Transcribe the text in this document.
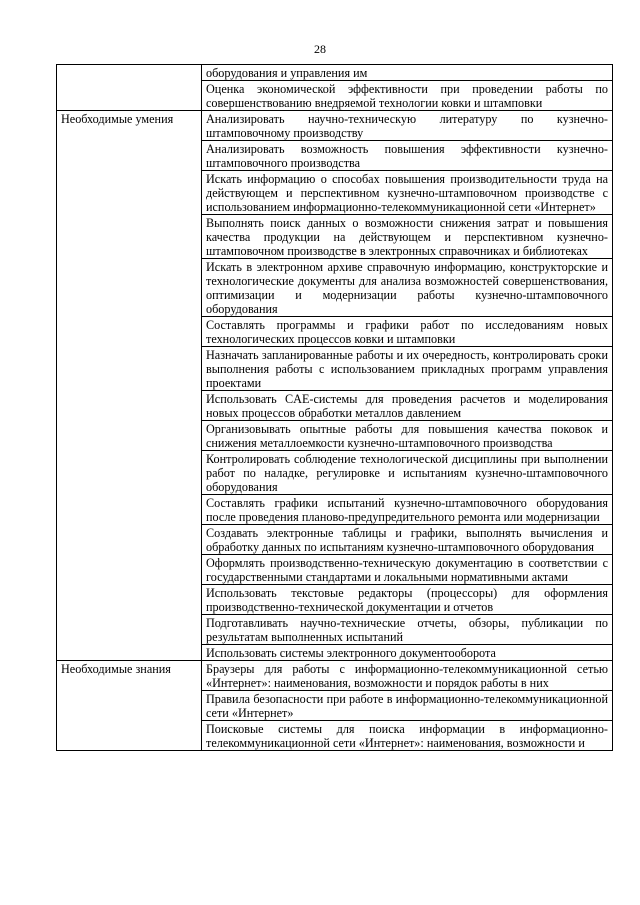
28
	оборудования и управления им
	Оценка экономической эффективности при проведении работы по совершенствованию внедряемой технологии ковки и штамповки
Необходимые умения	Анализировать научно-техническую литературу по кузнечно-штамповочному производству
	Анализировать возможность повышения эффективности кузнечно-штамповочного производства
	Искать информацию о способах повышения производительности труда на действующем и перспективном кузнечно-штамповочном производстве с использованием информационно-телекоммуникационной сети «Интернет»
	Выполнять поиск данных о возможности снижения затрат и повышения качества продукции на действующем и перспективном кузнечно-штамповочном производстве в электронных справочниках и библиотеках
	Искать в электронном архиве справочную информацию, конструкторские и технологические документы для анализа возможностей совершенствования, оптимизации и модернизации работы кузнечно-штамповочного оборудования
	Составлять программы и графики работ по исследованиям новых технологических процессов ковки и штамповки
	Назначать запланированные работы и их очередность, контролировать сроки выполнения работы с использованием прикладных программ управления проектами
	Использовать CAE-системы для проведения расчетов и моделирования новых процессов обработки металлов давлением
	Организовывать опытные работы для повышения качества поковок и снижения металлоемкости кузнечно-штамповочного производства
	Контролировать соблюдение технологической дисциплины при выполнении работ по наладке, регулировке и испытаниям кузнечно-штамповочного оборудования
	Составлять графики испытаний кузнечно-штамповочного оборудования после проведения планово-предупредительного ремонта или модернизации
	Создавать электронные таблицы и графики, выполнять вычисления и обработку данных по испытаниям кузнечно-штамповочного оборудования
	Оформлять производственно-техническую документацию в соответствии с государственными стандартами и локальными нормативными актами
	Использовать текстовые редакторы (процессоры) для оформления производственно-технической документации и отчетов
	Подготавливать научно-технические отчеты, обзоры, публикации по результатам выполненных испытаний
	Использовать системы электронного документооборота
Необходимые знания	Браузеры для работы с информационно-телекоммуникационной сетью «Интернет»: наименования, возможности и порядок работы в них
	Правила безопасности при работе в информационно-телекоммуникационной сети «Интернет»
	Поисковые системы для поиска информации в информационно-телекоммуникационной сети «Интернет»: наименования, возможности и
